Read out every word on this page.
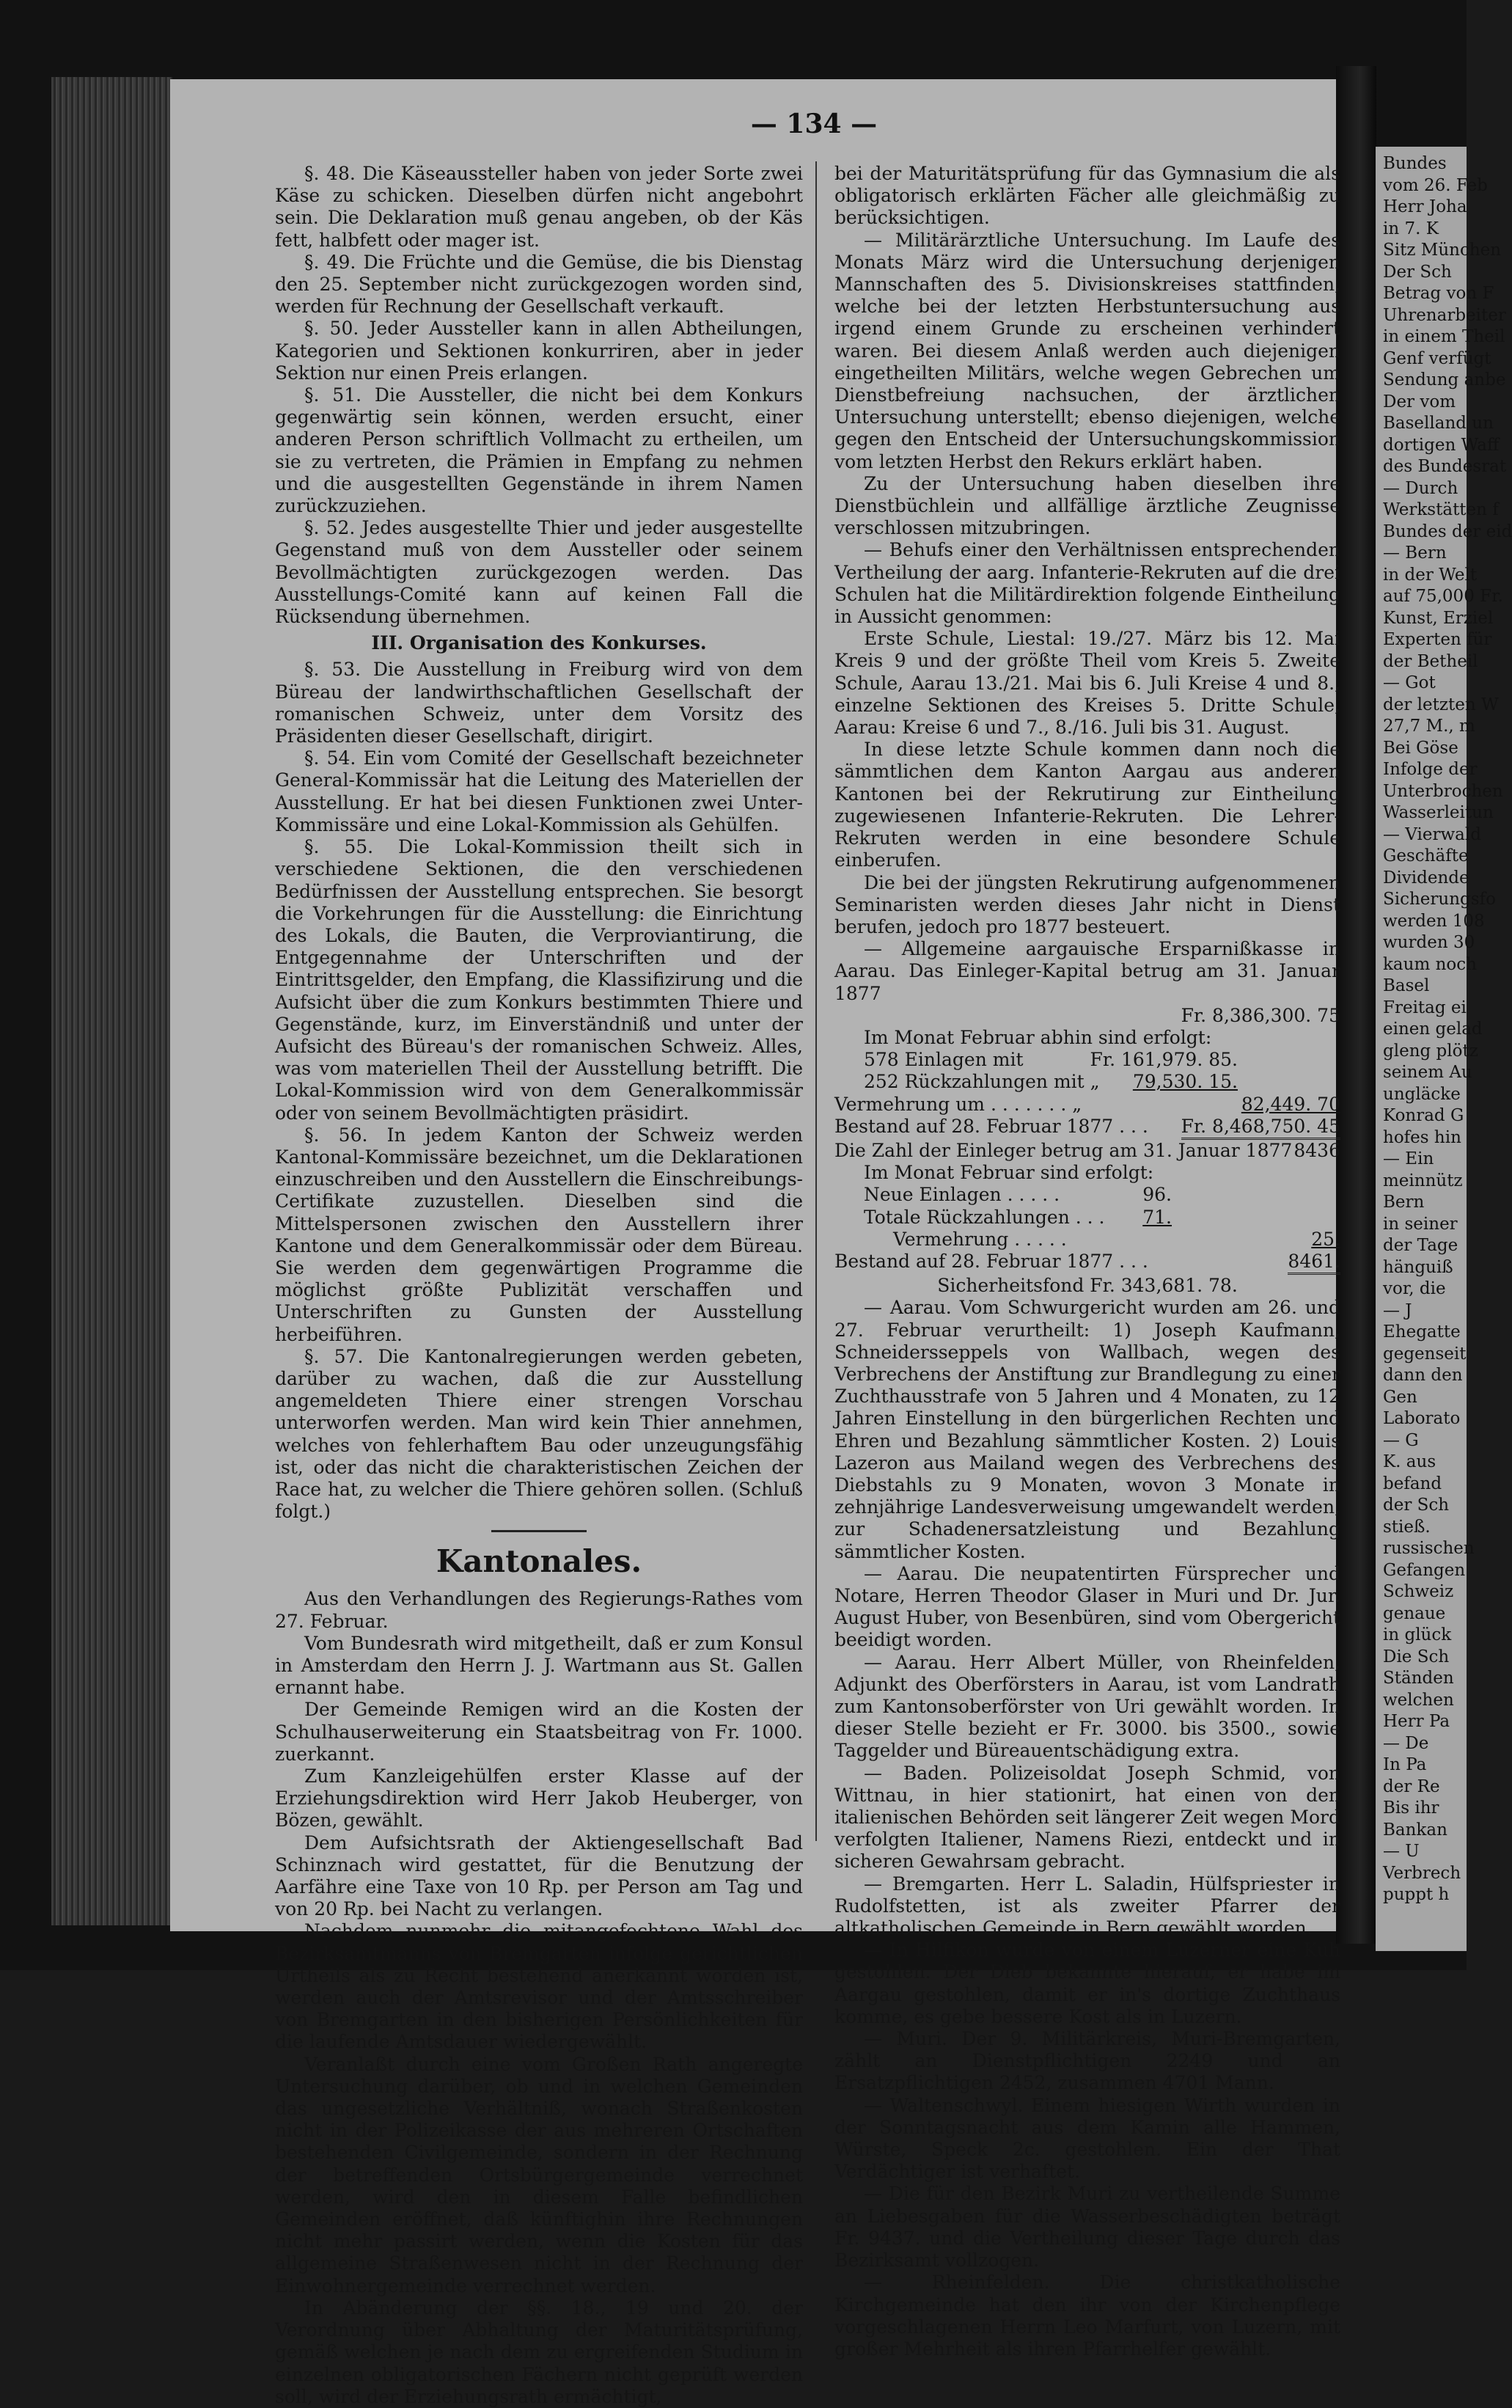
Bundes
vom 26. Feb
Herr Joha
in 7. K
Sitz München
Der Sch
Betrag von F
Uhrenarbeiter
in einem Theil
Genf verfügt
Sendung anbe
Der vom
Baselland un
dortigen Waff
des Bundesrat
— Durch
Werkstätten f
Bundes der eid
— Bern
in der Welt
auf 75,000 Fr.
Kunst, Erziel
Experten für
der Betheil
— Got
der letzten W
27,7 M., m
Bei Göse
Infolge der
Unterbrochen
Wasserleitun
— Vierwald
Geschäfte
Dividende
Sicherungsfo
werden 108
wurden 30
kaum noch
Basel
Freitag ei
einen gelad
gleng plötz
seinem Au
ungläcke
Konrad G
hofes hin
— Ein
meinnütz
Bern
in seiner
der Tage
hänguiß
vor, die
— J
Ehegatte
gegenseit
dann den
Gen
Laborato
— G
K. aus
befand
der Sch
stieß.
russischen
Gefangen
Schweiz
genaue
in glück
Die Sch
Ständen
welchen
Herr Pa
— De
In Pa
der Re
Bis ihr
Bankan
— U
Verbrech
puppt h
— 134 —

§. 48. Die Käseaussteller haben von jeder Sorte zwei Käse zu schicken. Dieselben dürfen nicht angebohrt sein. Die Deklaration muß genau angeben, ob der Käs fett, halbfett oder mager ist.

§. 49. Die Früchte und die Gemüse, die bis Dienstag den 25. September nicht zurückgezogen worden sind, werden für Rechnung der Gesellschaft verkauft.

§. 50. Jeder Aussteller kann in allen Abtheilungen, Kategorien und Sektionen konkurriren, aber in jeder Sektion nur einen Preis erlangen.

§. 51. Die Aussteller, die nicht bei dem Konkurs gegenwärtig sein können, werden ersucht, einer anderen Person schriftlich Vollmacht zu ertheilen, um sie zu vertreten, die Prämien in Empfang zu nehmen und die ausgestellten Gegenstände in ihrem Namen zurückzuziehen.

§. 52. Jedes ausgestellte Thier und jeder ausgestellte Gegenstand muß von dem Aussteller oder seinem Bevollmächtigten zurückgezogen werden. Das Ausstellungs-Comité kann auf keinen Fall die Rücksendung übernehmen.

III. Organisation des Konkurses.

§. 53. Die Ausstellung in Freiburg wird von dem Büreau der landwirthschaftlichen Gesellschaft der romanischen Schweiz, unter dem Vorsitz des Präsidenten dieser Gesellschaft, dirigirt.

§. 54. Ein vom Comité der Gesellschaft bezeichneter General-Kommissär hat die Leitung des Materiellen der Ausstellung. Er hat bei diesen Funktionen zwei Unter-Kommissäre und eine Lokal-Kommission als Gehülfen.

§. 55. Die Lokal-Kommission theilt sich in verschiedene Sektionen, die den verschiedenen Bedürfnissen der Ausstellung entsprechen. Sie besorgt die Vorkehrungen für die Ausstellung: die Einrichtung des Lokals, die Bauten, die Verproviantirung, die Entgegennahme der Unterschriften und der Eintrittsgelder, den Empfang, die Klassifizirung und die Aufsicht über die zum Konkurs bestimmten Thiere und Gegenstände, kurz, im Einverständniß und unter der Aufsicht des Büreau's der romanischen Schweiz. Alles, was vom materiellen Theil der Ausstellung betrifft. Die Lokal-Kommission wird von dem Generalkommissär oder von seinem Bevollmächtigten präsidirt.

§. 56. In jedem Kanton der Schweiz werden Kantonal-Kommissäre bezeichnet, um die Deklarationen einzuschreiben und den Ausstellern die Einschreibungs-Certifikate zuzustellen. Dieselben sind die Mittelspersonen zwischen den Ausstellern ihrer Kantone und dem Generalkommissär oder dem Büreau. Sie werden dem gegenwärtigen Programme die möglichst größte Publizität verschaffen und Unterschriften zu Gunsten der Ausstellung herbeiführen.

§. 57. Die Kantonalregierungen werden gebeten, darüber zu wachen, daß die zur Ausstellung angemeldeten Thiere einer strengen Vorschau unterworfen werden. Man wird kein Thier annehmen, welches von fehlerhaftem Bau oder unzeugungsfähig ist, oder das nicht die charakteristischen Zeichen der Race hat, zu welcher die Thiere gehören sollen. (Schluß folgt.)

Kantonales.

Aus den Verhandlungen des Regierungs-Rathes vom 27. Februar.

Vom Bundesrath wird mitgetheilt, daß er zum Konsul in Amsterdam den Herrn J. J. Wartmann aus St. Gallen ernannt habe.

Der Gemeinde Remigen wird an die Kosten der Schulhauserweiterung ein Staatsbeitrag von Fr. 1000. zuerkannt.

Zum Kanzleigehülfen erster Klasse auf der Erziehungsdirektion wird Herr Jakob Heuberger, von Bözen, gewählt.

Dem Aufsichtsrath der Aktiengesellschaft Bad Schinznach wird gestattet, für die Benutzung der Aarfähre eine Taxe von 10 Rp. per Person am Tag und von 20 Rp. bei Nacht zu verlangen.

Nachdem nunmehr die mitangefochtene Wahl des Bezirksamtmanns von Bremgarten infolge gerichtlichen Urtheils als zu Recht bestehend anerkannt worden ist, werden auch der Amtsrevisor und der Amtsschreiber von Bremgarten in den bisherigen Persönlichkeiten für die laufende Amtsdauer wiedergewählt.

Veranlaßt durch eine vom Großen Rath angeregte Untersuchung darüber, ob und in welchen Gemeinden das ungesetzliche Verhältniß, wonach Straßenkosten nicht in der Polizeikasse der aus mehreren Ortschaften bestehenden Civilgemeinde, sondern in der Rechnung der betreffenden Ortsbürgergemeinde verrechnet werden, wird den in diesem Falle befindlichen Gemeinden eröffnet, daß künftighin ihre Rechnungen nicht mehr passirt werden, wenn die Kosten für das allgemeine Straßenwesen nicht in der Rechnung der Einwohnergemeinde verrechnet werden.

In Abänderung der §§. 18., 19 und 20. der Verordnung über Abhaltung der Maturitätsprüfung, gemäß welchen je nach dem zu ergreifenden Studium in einzelnen obligatorischen Fächern nicht geprüft werden soll, wird der Erziehungsrath ermächtigt,

bei der Maturitätsprüfung für das Gymnasium die als obligatorisch erklärten Fächer alle gleichmäßig zu berücksichtigen.

— Militärärztliche Untersuchung. Im Laufe des Monats März wird die Untersuchung derjenigen Mannschaften des 5. Divisionskreises stattfinden, welche bei der letzten Herbstuntersuchung aus irgend einem Grunde zu erscheinen verhindert waren. Bei diesem Anlaß werden auch diejenigen eingetheilten Militärs, welche wegen Gebrechen um Dienstbefreiung nachsuchen, der ärztlichen Untersuchung unterstellt; ebenso diejenigen, welche gegen den Entscheid der Untersuchungskommission vom letzten Herbst den Rekurs erklärt haben.

Zu der Untersuchung haben dieselben ihre Dienstbüchlein und allfällige ärztliche Zeugnisse verschlossen mitzubringen.

— Behufs einer den Verhältnissen entsprechenden Vertheilung der aarg. Infanterie-Rekruten auf die drei Schulen hat die Militärdirektion folgende Eintheilung in Aussicht genommen:

Erste Schule, Liestal: 19./27. März bis 12. Mai Kreis 9 und der größte Theil vom Kreis 5. Zweite Schule, Aarau 13./21. Mai bis 6. Juli Kreise 4 und 8., einzelne Sektionen des Kreises 5. Dritte Schule, Aarau: Kreise 6 und 7., 8./16. Juli bis 31. August.

In diese letzte Schule kommen dann noch die sämmtlichen dem Kanton Aargau aus anderen Kantonen bei der Rekrutirung zur Eintheilung zugewiesenen Infanterie-Rekruten. Die Lehrer-Rekruten werden in eine besondere Schule einberufen.

Die bei der jüngsten Rekrutirung aufgenommenen Seminaristen werden dieses Jahr nicht in Dienst berufen, jedoch pro 1877 besteuert.

— Allgemeine aargauische Ersparnißkasse in Aarau. Das Einleger-Kapital betrug am 31. Januar 1877

Fr. 8,386,300. 75

Im Monat Februar abhin sind erfolgt:

578 Einlagen mit	Fr. 161,979. 85.
252 Rückzahlungen mit „ 79,530. 15.
Vermehrung um . . . . . . . „	82,449. 70
Bestand auf 28. Februar 1877 . . . Fr. 8,468,750. 45
Die Zahl der Einleger betrug am 31. Januar 1877 8436

Im Monat Februar sind erfolgt:

Neue Einlagen . . . . .	96.
Totale Rückzahlungen . . . 71.
Vermehrung . . . . .	25.
Bestand auf 28. Februar 1877 . . .	8461.

Sicherheitsfond Fr. 343,681. 78.

— Aarau. Vom Schwurgericht wurden am 26. und 27. Februar verurtheilt: 1) Joseph Kaufmann, Schneidersseppels von Wallbach, wegen des Verbrechens der Anstiftung zur Brandlegung zu einer Zuchthausstrafe von 5 Jahren und 4 Monaten, zu 12 Jahren Einstellung in den bürgerlichen Rechten und Ehren und Bezahlung sämmtlicher Kosten. 2) Louis Lazeron aus Mailand wegen des Verbrechens des Diebstahls zu 9 Monaten, wovon 3 Monate in zehnjährige Landesverweisung umgewandelt werden, zur Schadenersatzleistung und Bezahlung sämmtlicher Kosten.

— Aarau. Die neupatentirten Fürsprecher und Notare, Herren Theodor Glaser in Muri und Dr. Jur. August Huber, von Besenbüren, sind vom Obergericht beeidigt worden.

— Aarau. Herr Albert Müller, von Rheinfelden, Adjunkt des Oberförsters in Aarau, ist vom Landrath zum Kantonsoberförster von Uri gewählt worden. In dieser Stelle bezieht er Fr. 3000. bis 3500., sowie Taggelder und Büreauentschädigung extra.

— Baden. Polizeisoldat Joseph Schmid, von Wittnau, in hier stationirt, hat einen von den italienischen Behörden seit längerer Zeit wegen Mord verfolgten Italiener, Namens Riezi, entdeckt und in sicheren Gewahrsam gebracht.

— Bremgarten. Herr L. Saladin, Hülfspriester in Rudolfstetten, ist als zweiter Pfarrer der altkatholischen Gemeinde in Bern gewählt worden.

— In Hilfikon wurde von einem Luzerner eine Kuh gestohlen. Der Dieb bekannte hierauf, er habe im Aargau gestohlen, damit er in's dortige Zuchthaus komme, es gebe bessere Kost als in Luzern.

— Muri. Der 9. Militärkreis, Muri-Bremgarten, zählt an Dienstpflichtigen 2249 und an Ersatzpflichtigen 2452, zusammen 4701 Mann.

— Waltenschwyl. Einem hiesigen Wirth wurden in der Sonntagsnacht aus dem Kamin alle Hammen, Würste, Speck 2c. gestohlen. Ein der That Verdächtiger ist verhaftet.

— Die für den Bezirk Muri zu vertheilende Summe an Liebesgaben für die Wasserbeschädigten beträgt Fr. 9437. und die Vertheilung dieser Tage durch das Bezirksamt vollzogen.

— Rheinfelden. Die christkatholische Kirchgemeinde hat den ihr von der Kirchenpflege vorgeschlagenen Herrn Leo Marfurt, von Luzern, mit großer Mehrheit als ihren Pfarrhelfer gewählt.
